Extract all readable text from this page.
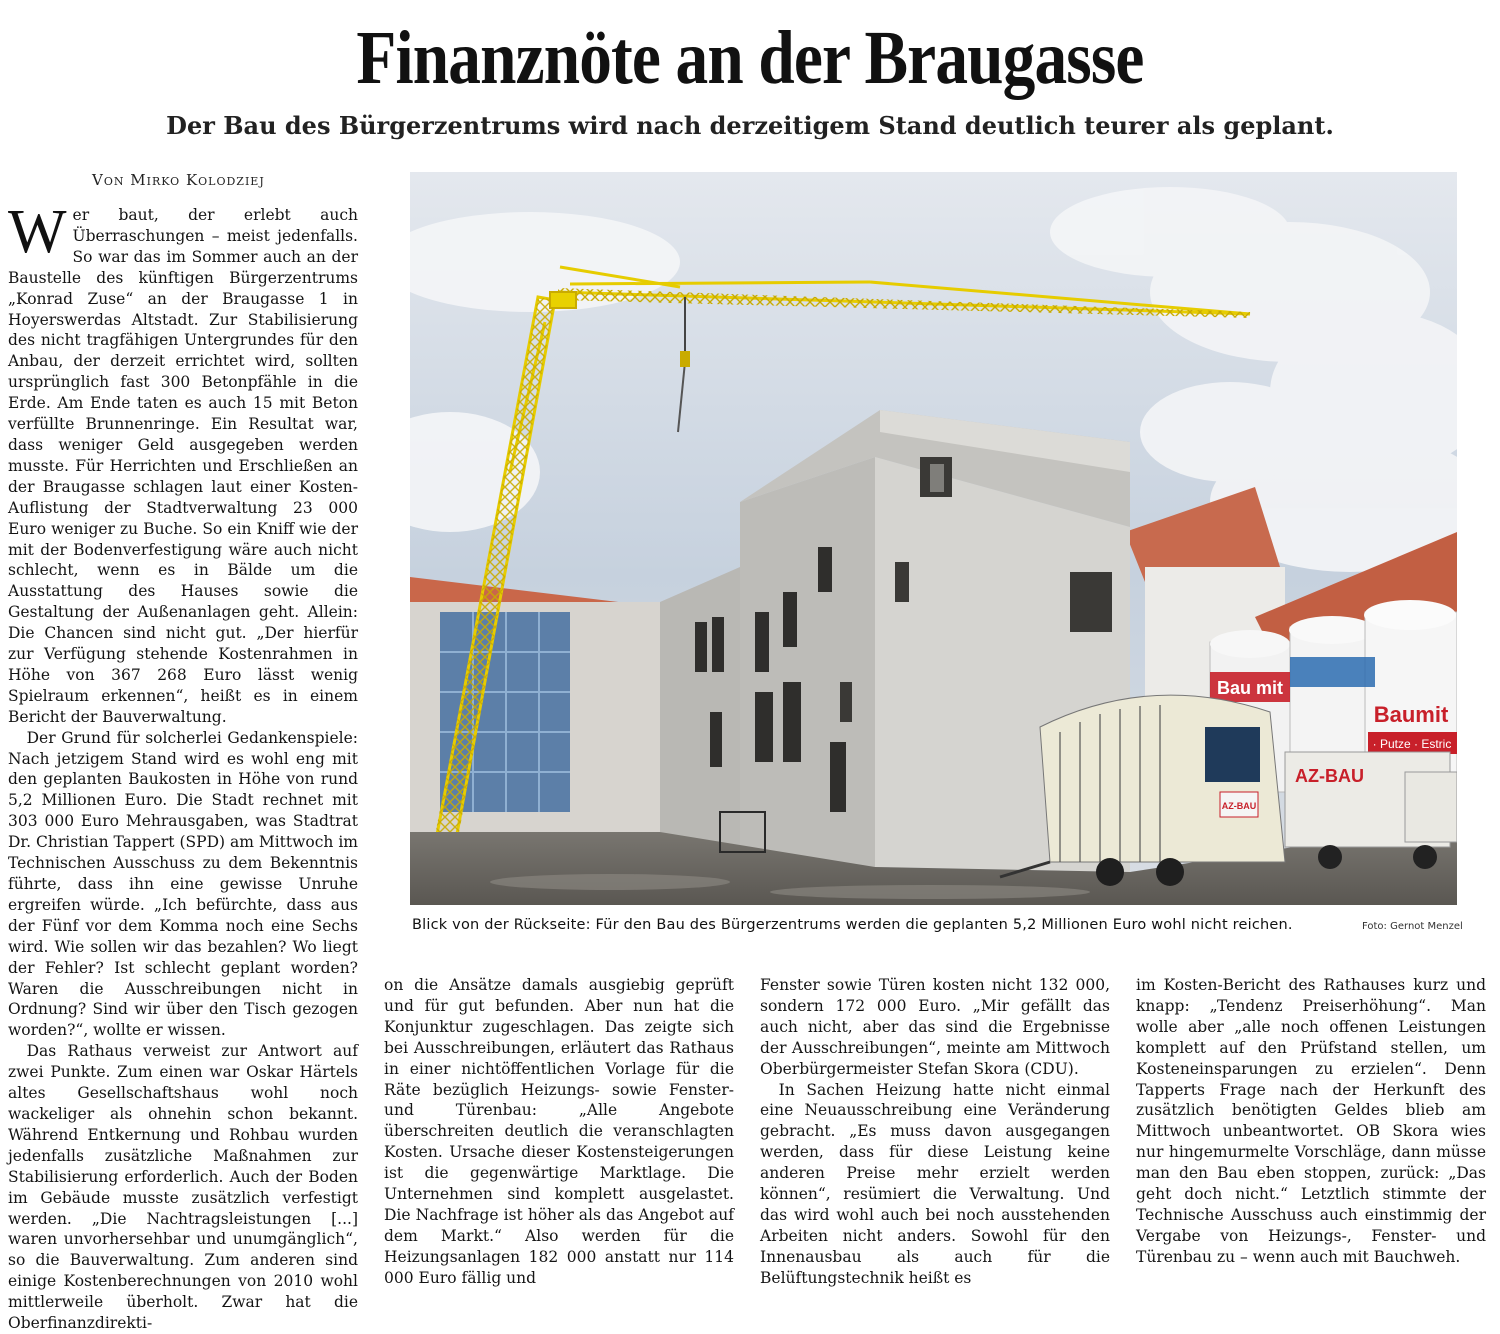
Finanznöte an der Braugasse
Der Bau des Bürgerzentrums wird nach derzeitigem Stand deutlich teurer als geplant.
Von Mirko Kolodziej

Wer baut, der erlebt auch Überraschungen – meist jedenfalls. So war das im Sommer auch an der Baustelle des künftigen Bürgerzentrums „Konrad Zuse“ an der Braugasse 1 in Hoyerswerdas Altstadt. Zur Stabilisierung des nicht tragfähigen Untergrundes für den Anbau, der derzeit errichtet wird, sollten ursprünglich fast 300 Betonpfähle in die Erde. Am Ende taten es auch 15 mit Beton verfüllte Brunnenringe. Ein Resultat war, dass weniger Geld ausgegeben werden musste. Für Herrichten und Erschließen an der Braugasse schlagen laut einer Kosten-Auflistung der Stadtverwaltung 23 000 Euro weniger zu Buche. So ein Kniff wie der mit der Bodenverfestigung wäre auch nicht schlecht, wenn es in Bälde um die Ausstattung des Hauses sowie die Gestaltung der Außenanlagen geht. Allein: Die Chancen sind nicht gut. „Der hierfür zur Verfügung stehende Kostenrahmen in Höhe von 367 268 Euro lässt wenig Spielraum erkennen“, heißt es in einem Bericht der Bauverwaltung.

Der Grund für solcherlei Gedankenspiele: Nach jetzigem Stand wird es wohl eng mit den geplanten Baukosten in Höhe von rund 5,2 Millionen Euro. Die Stadt rechnet mit 303 000 Euro Mehrausgaben, was Stadtrat Dr. Christian Tappert (SPD) am Mittwoch im Technischen Ausschuss zu dem Bekenntnis führte, dass ihn eine gewisse Unruhe ergreifen würde. „Ich befürchte, dass aus der Fünf vor dem Komma noch eine Sechs wird. Wie sollen wir das bezahlen? Wo liegt der Fehler? Ist schlecht geplant worden? Waren die Ausschreibungen nicht in Ordnung? Sind wir über den Tisch gezogen worden?“, wollte er wissen.

Das Rathaus verweist zur Antwort auf zwei Punkte. Zum einen war Oskar Härtels altes Gesellschaftshaus wohl noch wackeliger als ohnehin schon bekannt. Während Entkernung und Rohbau wurden jedenfalls zusätzliche Maßnahmen zur Stabilisierung erforderlich. Auch der Boden im Gebäude musste zusätzlich verfestigt werden. „Die Nachtragsleistungen [...] waren unvorhersehbar und unumgänglich“, so die Bauverwaltung. Zum anderen sind einige Kostenberechnungen von 2010 wohl mittlerweile überholt. Zwar hat die Oberfinanzdirekti-

Bau mit
Baumit
· Putze · Estric
AZ-BAU
AZ-BAU
Blick von der Rückseite: Für den Bau des Bürgerzentrums werden die geplanten 5,2 Millionen Euro wohl nicht reichen.	Foto: Gernot Menzel

on die Ansätze damals ausgiebig geprüft und für gut befunden. Aber nun hat die Konjunktur zugeschlagen. Das zeigte sich bei Ausschreibungen, erläutert das Rathaus in einer nichtöffentlichen Vorlage für die Räte bezüglich Heizungs- sowie Fenster- und Türenbau: „Alle Angebote überschreiten deutlich die veranschlagten Kosten. Ursache dieser Kostensteigerungen ist die gegenwärtige Marktlage. Die Unternehmen sind komplett ausgelastet. Die Nachfrage ist höher als das Angebot auf dem Markt.“ Also werden für die Heizungsanlagen 182 000 anstatt nur 114 000 Euro fällig und

Fenster sowie Türen kosten nicht 132 000, sondern 172 000 Euro. „Mir gefällt das auch nicht, aber das sind die Ergebnisse der Ausschreibungen“, meinte am Mittwoch Oberbürgermeister Stefan Skora (CDU).

In Sachen Heizung hatte nicht einmal eine Neuausschreibung eine Veränderung gebracht. „Es muss davon ausgegangen werden, dass für diese Leistung keine anderen Preise mehr erzielt werden können“, resümiert die Verwaltung. Und das wird wohl auch bei noch ausstehenden Arbeiten nicht anders. Sowohl für den Innenausbau als auch für die Belüftungstechnik heißt es

im Kosten-Bericht des Rathauses kurz und knapp: „Tendenz Preiserhöhung“. Man wolle aber „alle noch offenen Leistungen komplett auf den Prüfstand stellen, um Kosteneinsparungen zu erzielen“. Denn Tapperts Frage nach der Herkunft des zusätzlich benötigten Geldes blieb am Mittwoch unbeantwortet. OB Skora wies nur hingemurmelte Vorschläge, dann müsse man den Bau eben stoppen, zurück: „Das geht doch nicht.“ Letztlich stimmte der Technische Ausschuss auch einstimmig der Vergabe von Heizungs-, Fenster- und Türenbau zu – wenn auch mit Bauchweh.
